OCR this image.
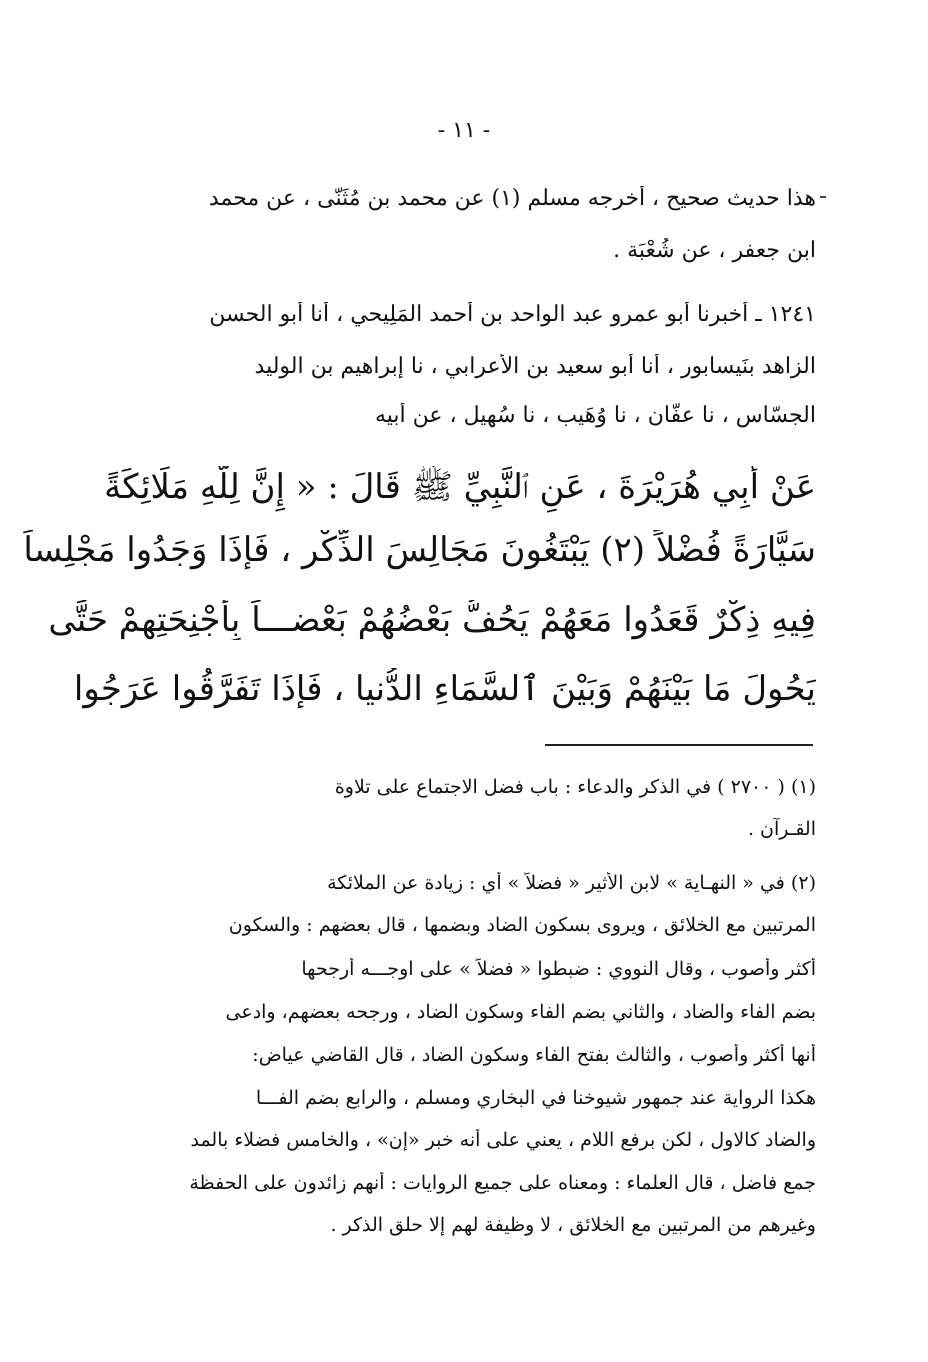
- ١١ -
هذا حديث صحيح ، أخرجه مسلم (١) عن محمد بن مُثَنّى ، عن محمد
ابن جعفر ، عن شُعْبَة .
١٢٤١ ـ أخبرنا أبو عمرو عبد الواحد بن أحمد المَلِيحي ، أنا أبو الحسن
الزاهد بنَيسابور ، أنا أبو سعيد بن الأعرابي ، نا إبراهيم بن الوليد
الجسّاس ، نا عفّان ، نا وُهَيب ، نا سُهيل ، عن أبيه
عَنْ أَبِي هُرَيْرَةَ ، عَنِ ٱلنَّبِيِّ ﷺ قَالَ : « إِنَّ لِلَّهِ مَلَائِكَةً
سَيَّارَةً فُضْلاً (٢) يَبْتَغُونَ مَجَالِسَ الذِّكْرِ ، فَإِذَا وَجَدُوا مَجْلِساً
فِيهِ ذِكْرٌ قَعَدُوا مَعَهُمْ يَحُفُّ بَعْضُهُمْ بَعْضـــاً بِأَجْنِحَتِهِمْ حَتَّى
يَحُولَ مَا بَيْنَهُمْ وَبَيْنَ ٱلسَّمَاءِ الدُّنيا ، فَإِذَا تَفَرَّقُوا عَرَجُوا
(١) ( ٢٧٠٠ ) في الذكر والدعاء : باب فضل الاجتماع على تلاوة
القـرآن .
(٢) في « النهـاية » لابن الأثير « فضلاً » أي : زيادة عن الملائكة
المرتبين مع الخلائق ، ويروى بسكون الضاد وبضمها ، قال بعضهم : والسكون
أكثر وأصوب ، وقال النووي : ضبطوا « فضلاً » على اوجـــه أرجحها
بضم الفاء والضاد ، والثاني بضم الفاء وسكون الضاد ، ورجحه بعضهم، وادعى
أنها أكثر وأصوب ، والثالث بفتح الفاء وسكون الضاد ، قال القاضي عياض:
هكذا الرواية عند جمهور شيوخنا في البخاري ومسلم ، والرابع بضم الفـــا
والضاد كالاول ، لكن برفع اللام ، يعني على أنه خبر «إن» ، والخامس فضلاء بالمد
جمع فاضل ، قال العلماء : ومعناه على جميع الروايات : أنهم زائدون على الحفظة
وغيرهم من المرتبين مع الخلائق ، لا وظيفة لهم إلا حلق الذكر .
